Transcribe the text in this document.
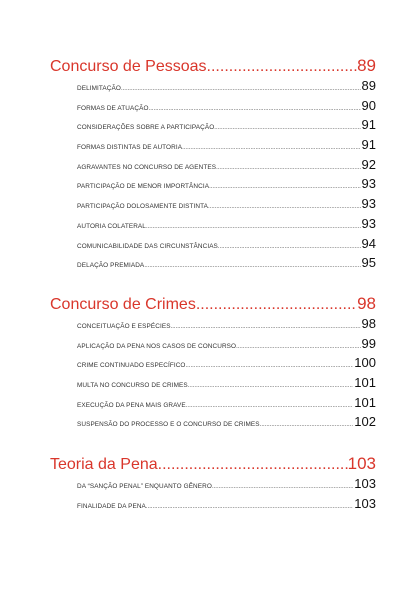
Concurso de Pessoas .....	89
DELIMITAÇÃO .....	89
FORMAS DE ATUAÇÃO .....	90
CONSIDERAÇÕES SOBRE A PARTICIPAÇÃO .....	91
FORMAS DISTINTAS DE AUTORIA .....	91
AGRAVANTES NO CONCURSO DE AGENTES .....	92
PARTICIPAÇÃO DE MENOR IMPORTÂNCIA .....	93
PARTICIPAÇÃO DOLOSAMENTE DISTINTA .....	93
AUTORIA COLATERAL .....	93
COMUNICABILIDADE DAS CIRCUNSTÂNCIAS .....	94
DELAÇÃO PREMIADA .....	95
Concurso de Crimes .....	98
CONCEITUAÇÃO E ESPÉCIES .....	98
APLICAÇÃO DA PENA NOS CASOS DE CONCURSO .....	99
CRIME CONTINUADO ESPECÍFICO .....	100
MULTA NO CONCURSO DE CRIMES .....	101
EXECUÇÃO DA PENA MAIS GRAVE .....	101
SUSPENSÃO DO PROCESSO E O CONCURSO DE CRIMES .....	102
Teoria da Pena .....	103
DA “SANÇÃO PENAL” ENQUANTO GÊNERO .....	103
FINALIDADE DA PENA .....	103
